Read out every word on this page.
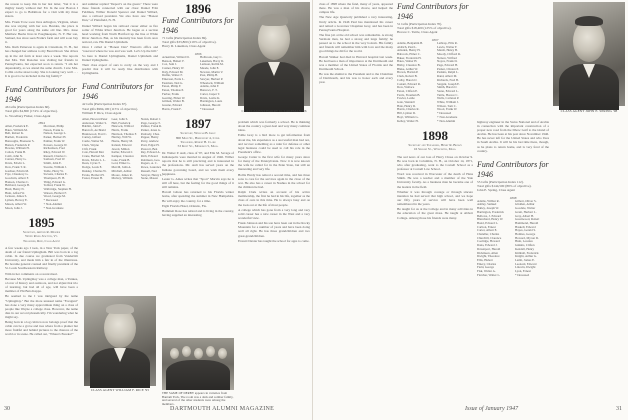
the reason to keep this in her last letter, "but it is a mighty lonely without me! Ed. In the rear Boston I expect to go to Baltimore for a visit with my three sisters.

Mrs. Frank Trow soon lives Arlington, Virginia, where she was staying with her son. Besides, the place is good for years along the same old line. Mrs. Jesse Matthew Beebe lives in Poughkeepsie, N. Y. Her son, Samuel, has since seen Frank's farm and will soon buy it.

Mrs. Ruth Patterson is again in Claremont, N. H., but has changed her address to my Beard Road. She drives up in the old farm at least once a week. She reports that Mrs. Tim Ronolan was visiting her friends in Pennsylvania, but expected soon to return. "I am her dependently, as we attend the same church. I saw Mrs. Collin on the street today. She is looking very well . . . It is good to be included in the big family!"

Fund Contributors for 1946
46 Gifts (Participation Index 60).
Total gifts $4,800 (174% of objective).
G. Woodbury Fisher, Class Agent
1894
Allen, Frederick E.
Bates, William M.
Bell, Robert K.
Bartlett, Frederick
Burroughs, Ebenezer S.
Burton, Frederick P.
Bowles, William H.
Colton, Frank B.
Cobb, John N.
Currier, Harry G.
Davis, Edwin L.
Dow, Frank T. R.
Gardner, Edwin M.
Frye, Chauncey G.
Goodwin, Albert F.
Hanson, Charles C.
Hebbard, George B.
Hurd, Henry N.
Hunt, Alfred W.
Jackson, James S.
Lyman, Hervey E.
Mason, Albert W.
Moon, John J.
Morrison, Philip
Nason, Frank G.
Nelson, George L.
Parker, Herbert H.
Palmer, Frank W.
Powers, George W.
Richardson, Fred
Riley, Edward W.
Russell, Charles C.
Sanborn, Fred W.
Smith, John E.
Stearns, William J.
Tuttle, Harry W.
Stevens, Charles E.
Thompson, H. H.
Thing, Edward G.
Tolfred, Frank W.
Walbridge, Stephen H.
Watson, Herbert F.
Wood, George M.
* Deceased
+ Non-Alumni
* Non-Graduate
1895
Secretary, Arthur R. Mosher
White River Junction, Vt.
Treasurer, Reid, Class Agent

A few weeks ago I took, in a New York paper, of the death of our friend Uplingham. Bill was born in a log cabin. In due course we graduated from Vanderbilt University, and made him a fair in of the illustrious. He became general counsel and finally president of the St. Louis Southwestern Railway.

Wim in her comments on a recent meal.

Because Mr. Uplingmay was a college man, a Yankee, a lover of history and outdoors, and not abjust that trio of learning, but had all of age, will have been a member of Phi Beta Kappa.

He seemed to me I was intrigued by the name "Uplingmay." But the more unusual name "Foragunt" has done a very many approximate thing on a class of people like Wayne a college class. However, the name dies in our record phonetically. I'm wondering what he might say.

Being born in a log cabin is now belongs proof that the cabin can be a grove and tree where from a plainer but more fruitful and behind pictures to the chances of the world or in scene. He called out, "Where's Eureka?"

and summer replied "Deport's on the green." There were three friends connected with our class: Daniel Fritz Feldman, Wilbur Donald Spencer and Daniel Willard, also a railroad president. We also have one "Honest Dan," of Plainfield, N. H.

Daniel Willard began his railroad career either as fire soiler of White River Junction. He began as a section head working from North Hartford up the line at White River Junction. But, as his intensity has been from once noticed, ran. His Daniel Uplinham.

Once I called at "Honest Dan" Warren's office and "reserved where he was and was well. Let's Up the hill." So here is Daniel Uplinghams, Daniel Uplinham and Daniel Uplinghams.

Their class expect of ours is cordy on the way and I predict that it will be ready like distribution with Uplinghams.

Fund Contributors for 1946
42 Gifts (Participation Index 67).
Total gifts $994,100 (115% of objective).
William F. Rice, Class Agent
Allen, Howard Peter
Anderson, Walter S.
Babbitt, John F.
Bancroft, Archbald
Brunswood, Fred C.
Carney, Gilbert
Castle, Walter M.
Clark, Wayne
Clift, Frank
Cole, Harold Mer
Crane, Herbert M.
Davis, Edwin L. L.
Dean, Cyrus T.
Dodge, Louis E.
Dunsky, Charles W.
Evans, Herbert H.
Foster, Ernest H.
Geer, John S.
Hall, Frederick
Hancock, Wilfred
Harris, Frank
Harrison, Thomas F.
Hartley, Will W.
Horne, Henry M.
Ireland, Edward
Jewett, Milton
Keller, Edward J.
Kemper, Clarence
Lane, Frank B.
Lord, Elmer G.
Merrill, John A.
Mitchell, Arthur
Moore, James R.
Mulvey, William
Nolan, Robert J.
Page, George T.
Palmer, Frank R.
Parker, Jonas G.
Peabody, Chas.
Pepper, Henry
Perry, Andrew
Pratt, Edgar H.
Prescott, Ben
Ray, Edward A.
Rich, Edward
Robinson, Geo.
Rogers, A. C.
Rowe, Laurence
Russell, Ned
Sawyer, Henry L.
Stone, Mason
1896
Fund Contributors for 1946
71 Gifts (Participation Index 69).
Total gifts $33,800 (219% of objective).
Harry D. Lakeman, Class Agent
1896
Ackerman, Willard D.
Benson, Hubert F.
Cox, Sam J.
Cuzner, Henry W.
Daly, Edward M.
Duffie, Walter F.
Emerson, Earle L.
Eastman, Ned G.
Eaton, Philip F.
Eaton, Thomas P.
Furber, Frank
Geering, Elmer W.
Gilman, Walter B.
Greene, Edward
Harris, Frank F.
Holbrook, Guy C.
Lakeman, Harry D.
Lamson, Rollin M.
Meade, John E.
Newton, Martin V.
Post, Philip H.
Sawyer, Herbert P.
Wheelock, William
Adams, John F.
Burrows, F. T.
Carter, Jasper T.
Davis, Leslie K.
Harrington, Louis
Johnson, Harold
* Deceased
1897
Secretary, William B. Gray
800 Main St., Bridgeport 4, Conn.
Treasurer, Robert B. Clark
53 Kent St., Morrison 5, Mass.

Dr. Walter P. Ault, class of '97, and Ella M. Savage of Indianapolis were married in August of 1946. Wilber reports that he is still practicing and is interested in the professions. Mr. Ault has served years on the Indiana governing board, and we wish them every happiness.

Lester G. Ames writes that "Sport" Marvin says he is still off here, but the feeling for the good things of it still remains.

Harold Gilson has returned to his Florida winter home, after spending the summer in New Hampshire. He will enjoy the country, for a time.

Eight Florida Hotel, Orlando, Fla.

Hammett Rose has retired and is living in the country, having supplied an interesting

problem which was formerly a school. He is thinking about the country a great deal and very many common ideas.

Eddie Gray is a bird more to get information from about me, his experience as a successful man had not, and recover something as a ruler for defense or other legal business could be used to call his role in the President's office.

George Cutter is the first wife for many years since for many of the Pennsylvania. Now it is now known the wife he called for in the Penn State, but still an interesting and very life.

Hollis Hardy has retired a second time, and has three sons to care for the services again in the close of the war. He also has a career in Nashua in the school for the children he had.

Ralph Clark writes an account of his active membership, the first he had in his life, together as the class of ours in this time. He is always busy and on the look out at the life of most people.

A college which has gone from a very long and very solid career has a nice career in the West and a very wonderful view.

Frank Johnson and his son have been out in the Rocky Mountain for a number of years and have been doing well all right. He has three grandchildren and two great-grandchildren.

Everett Dexter has taught the school for ages to come.

CLASS AGENT HARRY D. LAKEMAN '96
THE SAME OF DERBY appears in varieties from Bantam York. The room was a dark and somber family, and several of the other students were among the members.
30	DARTMOUTH ALUMNI MAGAZINE

class of 1898 where the fund, many of years, appeared there. He was a man of his choice, and helped the campus life.

The New Age Quarterly published a very interesting, lively article. In 1946 Paul has mentioned his career and retired a Governor Chapman Gray, and has been in Pennsylvania Hospital.

The fine job at the old school was remarkable. A strong Vermont man, he had a strong and large family; he passed on to the school in the very bottom. His family and friends will remember him with love and the many good things he did for the world.

Harold Walker had died in Harvard hospital last week. He had been a man of importance at the Dartmouth and was a member of the United States of Florida and the Dartmouth School.

He was the alumni to the President and to the Chairman of Dartmouth, and his was to honor each and every year.

Fund Contributors for 1946
51 Gifts (Participation Index 70).
Total gifts $18,400 (125% of objective).
Horace C. Tuttle, Class Agent
1897
Adams, Benjamin B.
Aldrich, Paul L.
Amsden, Henry H.
Babcock, Elmer C.
Baker, Frederick H.
Bates, Walter H.
Bixby, Clarence B.
Blake, Arthur W.
Brown, Harlan P.
Clark, Robert B.
Colby, Harold J.
Conant, Edward R.
Dow, Wallace
Eaton, Clifton E.
Ferris, Freeman B.
Fowler, Leslie
Gale, Wendell
Hale, Henry D.
Harris, Charles R.
Hill, Lyman D.
Hoyt, William G.
Kelley, Walter H.
Lathrop, Ellis R.
Lewis, Walter F.
Marsh, Henry B.
Moody, Clifford R.
Nelson, Wilfred
Noyes, Frank D.
Page, Edward H.
Parker, Clinton P.
Perkins, Ralph L.
Rand, Albert M.
Richards, Fred B.
Sargent, Joseph E.
Smith, Harold J.
Stone, Edward L.
Tuttle, Horace C.
Wells, Carleton P.
White, William J.
Wilson, Tom C.
Wood, Frank W.
* Deceased
+ Non-Graduate
* Non-Alumni
1898
Secretary and Treasurer, Henry R. Brown
16 Seward St., Worcester, Mass.

The sad news of our loss of Harry Chase on October 9. He was born in Columbia, N. H., on October 14, 1871, who after graduating, went to the Cornell School as a professor at Cornell Law School.

Word was received in Worcester of the death of Hans Smith. He was a teacher and a member of the Yale University faculty. As a business man he became one of the leaders in the field.

Whether it was through courage or through sincere intention he had served that high school, and we hope our fifty years of service will have been well remembered in the years.

He taught for us at the College and in many activities in the education of the great mass. He taught at Abbott College. Among those his friends were many.

highway engineer in the Swiss National and of Arabia in connection with the important construction of a proper new road from the Dhow Gulf to the island of Arabia. He has been at his post since November 1946. He has never left for the United States and who lives in Saudi Arabia. It will be his last time there, though, as he plans to return home, and is very fond of the country.

Fund Contributors for 1946
55 Gifts (Participation Index 112).
Total gifts $144,500 (89% of objective).
John E. Spring, Class Agent
1898
Adams, Wilbur R.
Ashley, Samuel
Bailey, Joseph W.
Barrington, Frederick
Bellows, J. Edward
Blanchard, Henry W.
Bond, Edward L.
Carlton, Ernest
Carter, Albert E.
Chandler, Charles
Churchill, Clarence
Coolidge, Howard
Dana, Edward J.
Davenport, Harold
Dickinson, Allen
Dwight, Theodore
Ellis, Hubert
Emery, Charles
Field, George
Fisk, Walter A.
Fletcher, Walter L.
Gilbert, Oliver S.
Glidden, Arthur
Goodale, Walter
Grant, Herbert L.
Gray, Albert H.
Greenwood, Robert
Hammond, Harold
Haskell, Edward
Hayes, Gerald S.
Holmes, George
Howard, Myron D.
Hunt, Lorenzo
Jenkins, Clifton
Kendall, Henry
Kimball, Frederick
Knight, Arthur G.
Lamb, James E.
Leonard, Edward
Lincoln, Dwight
Lyon, Ernest
* Deceased
CLASS AGENT JOHN E. SPRING '98
Issue of January 1947	31
CLASS AGENT WILLIAM F. RICE '95
